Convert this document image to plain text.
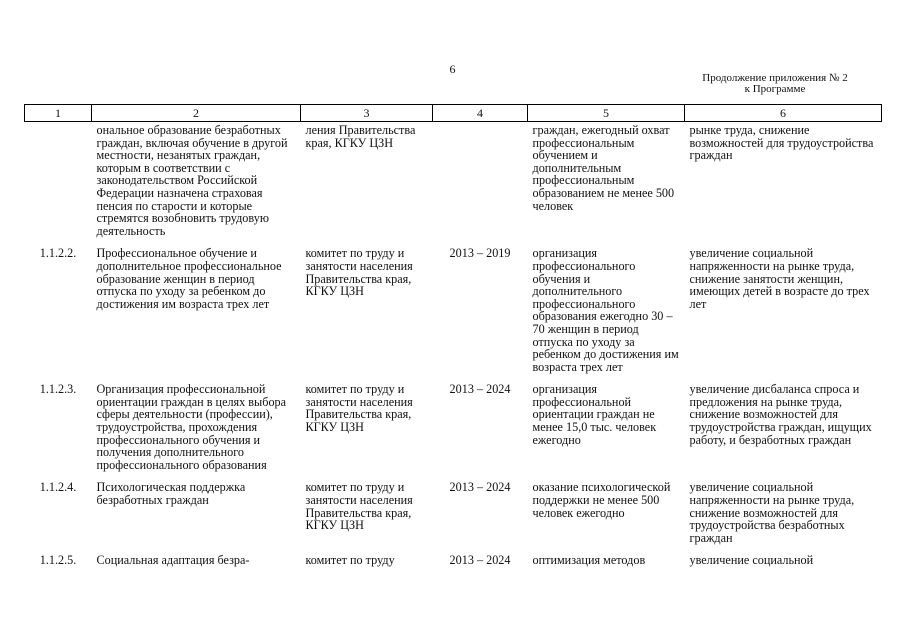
6
Продолжение приложения № 2
к Программе
1	2	3	4	5	6
	ональное образование безработных граждан, включая обучение в другой местности, незанятых граждан, которым в соответствии с законодательством Российской Федерации назначена страховая пенсия по старости и которые стремятся возобновить трудовую деятельность	ления Правительства края, КГКУ ЦЗН		граждан, ежегодный охват профессиональным обучением и дополнительным профессиональным образованием не менее 500 человек	рынке труда, снижение возможностей для трудоустройства граждан
1.1.2.2.	Профессиональное обучение и дополнительное профессиональное образование женщин в период отпуска по уходу за ребенком до достижения им возраста трех лет	комитет по труду и занятости населения Правительства края, КГКУ ЦЗН	2013 – 2019	организация профессионального обучения и дополнительного профессионального образования ежегодно 30 – 70 женщин в период отпуска по уходу за ребенком до достижения им возраста трех лет	увеличение социальной напряженности на рынке труда, снижение занятости женщин, имеющих детей в возрасте до трех лет
1.1.2.3.	Организация профессиональной ориентации граждан в целях выбора сферы деятельности (профессии), трудоустройства, прохождения профессионального обучения и получения дополнительного профессионального образования	комитет по труду и занятости населения Правительства края, КГКУ ЦЗН	2013 – 2024	организация профессиональной ориентации граждан не менее 15,0 тыс. человек ежегодно	увеличение дисбаланса спроса и предложения на рынке труда, снижение возможностей для трудоустройства граждан, ищущих работу, и безработных граждан
1.1.2.4.	Психологическая поддержка безработных граждан	комитет по труду и занятости населения Правительства края, КГКУ ЦЗН	2013 – 2024	оказание психологической поддержки не менее 500 человек ежегодно	увеличение социальной напряженности на рынке труда, снижение возможностей для трудоустройства безработных граждан
1.1.2.5.	Социальная адаптация безра-	комитет по труду	2013 – 2024	оптимизация методов	увеличение социальной
